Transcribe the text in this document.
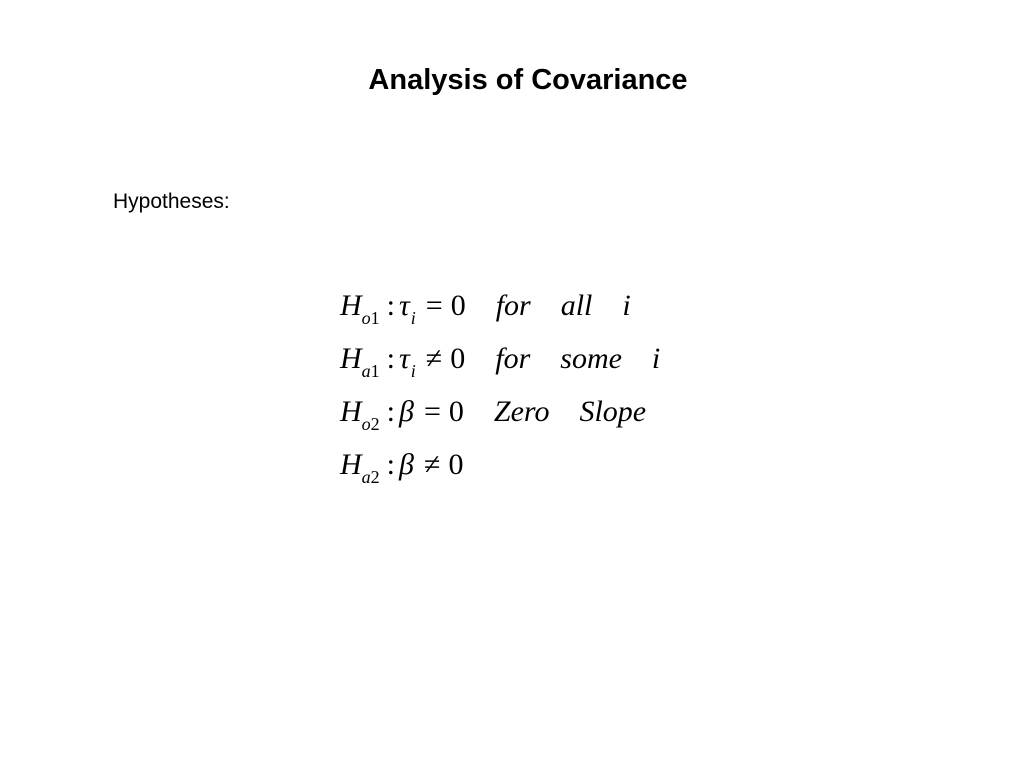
Analysis of Covariance
Hypotheses:
Ho1 : τi = 0 for all i
Ha1 : τi ≠ 0 for some i
Ho2 : β = 0 Zero Slope
Ha2 : β ≠ 0
